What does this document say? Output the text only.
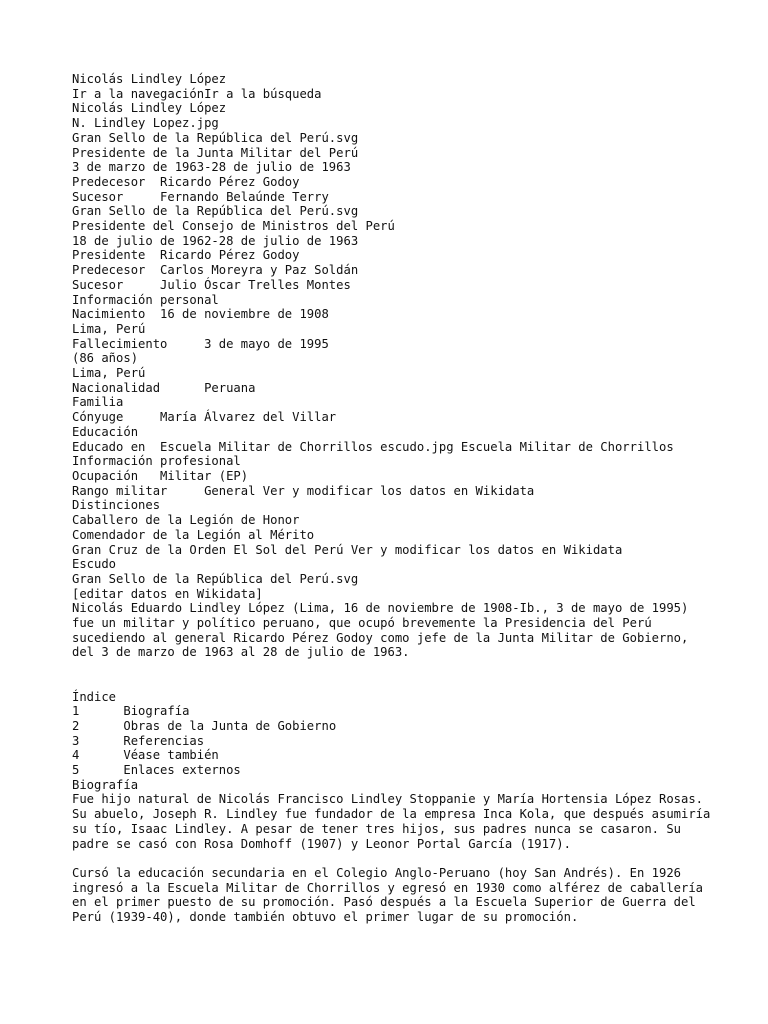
Nicolás Lindley López
Ir a la navegaciónIr a la búsqueda
Nicolás Lindley López
N. Lindley Lopez.jpg
Gran Sello de la República del Perú.svg
Presidente de la Junta Militar del Perú
3 de marzo de 1963-28 de julio de 1963
Predecesor  Ricardo Pérez Godoy
Sucesor     Fernando Belaúnde Terry
Gran Sello de la República del Perú.svg
Presidente del Consejo de Ministros del Perú
18 de julio de 1962-28 de julio de 1963
Presidente  Ricardo Pérez Godoy
Predecesor  Carlos Moreyra y Paz Soldán
Sucesor     Julio Óscar Trelles Montes
Información personal
Nacimiento  16 de noviembre de 1908
Lima, Perú
Fallecimiento     3 de mayo de 1995
(86 años)
Lima, Perú
Nacionalidad      Peruana
Familia
Cónyuge     María Álvarez del Villar
Educación
Educado en  Escuela Militar de Chorrillos escudo.jpg Escuela Militar de Chorrillos
Información profesional
Ocupación   Militar (EP)
Rango militar     General Ver y modificar los datos en Wikidata
Distinciones
Caballero de la Legión de Honor
Comendador de la Legión al Mérito
Gran Cruz de la Orden El Sol del Perú Ver y modificar los datos en Wikidata
Escudo
Gran Sello de la República del Perú.svg
[editar datos en Wikidata]

Nicolás Eduardo Lindley López (Lima, 16 de noviembre de 1908-Ib., 3 de mayo de 1995) fue un militar y político peruano, que ocupó brevemente la Presidencia del Perú sucediendo al general Ricardo Pérez Godoy como jefe de la Junta Militar de Gobierno, del 3 de marzo de 1963 al 28 de julio de 1963.

Índice
1	Biografía
2	Obras de la Junta de Gobierno
3	Referencias
4	Véase también
5	Enlaces externos
Biografía

Fue hijo natural de Nicolás Francisco Lindley Stoppanie y María Hortensia López Rosas. Su abuelo, Joseph R. Lindley fue fundador de la empresa Inca Kola, que después asumiría su tío, Isaac Lindley. A pesar de tener tres hijos, sus padres nunca se casaron. Su padre se casó con Rosa Domhoff (1907) y Leonor Portal García (1917).

Cursó la educación secundaria en el Colegio Anglo-Peruano (hoy San Andrés). En 1926 ingresó a la Escuela Militar de Chorrillos y egresó en 1930 como alférez de caballería en el primer puesto de su promoción. Pasó después a la Escuela Superior de Guerra del Perú (1939-40), donde también obtuvo el primer lugar de su promoción.
